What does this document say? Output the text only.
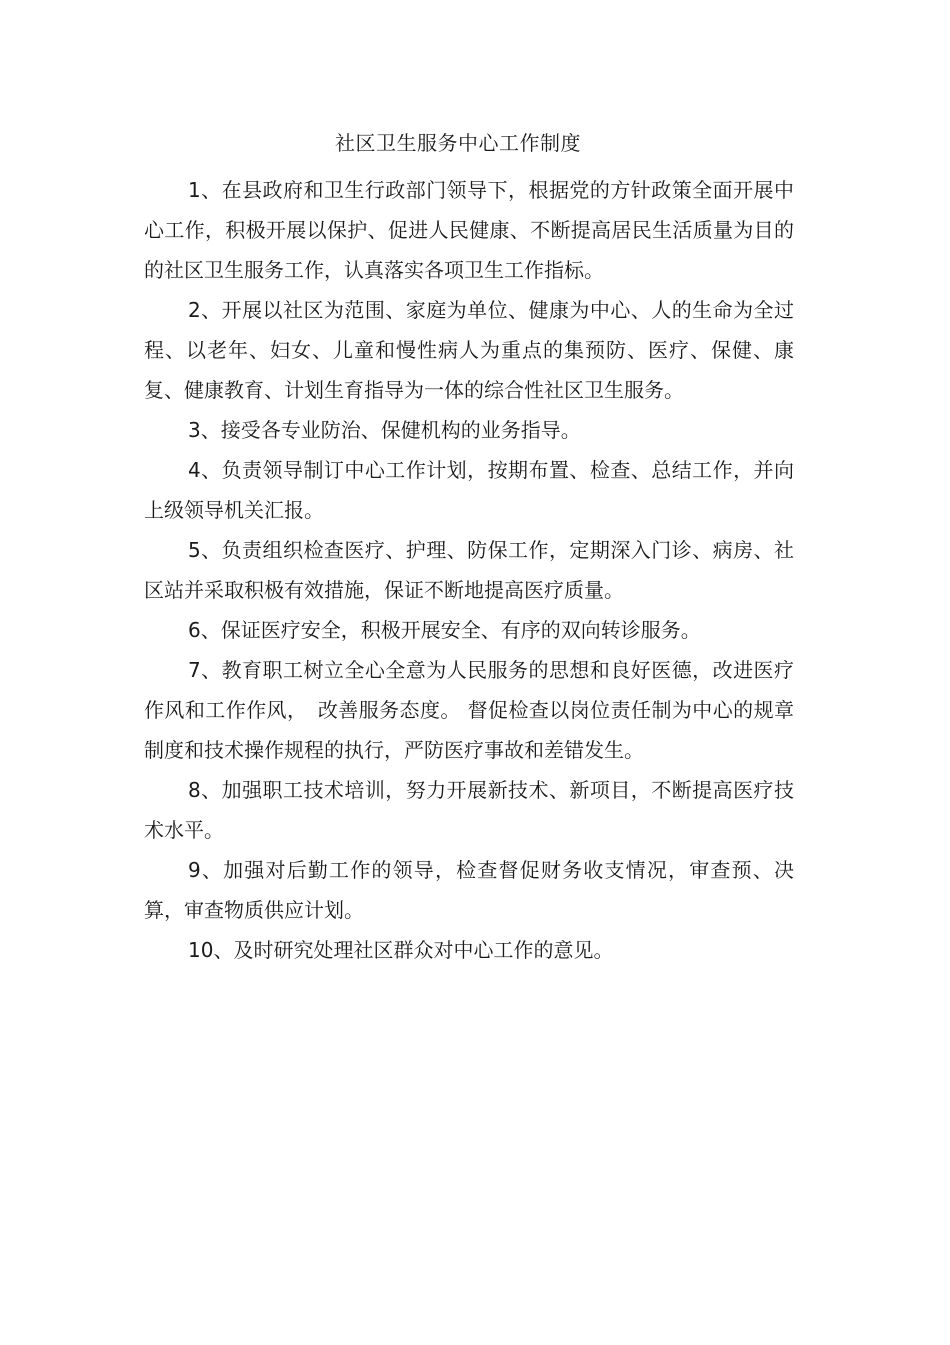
社区卫生服务中心工作制度

1、在县政府和卫生行政部门领导下，根据党的方针政策全面开展中心工作，积极开展以保护、促进人民健康、不断提高居民生活质量为目的的社区卫生服务工作，认真落实各项卫生工作指标。

2、开展以社区为范围、家庭为单位、健康为中心、人的生命为全过程、以老年、妇女、儿童和慢性病人为重点的集预防、医疗、保健、康复、健康教育、计划生育指导为一体的综合性社区卫生服务。

3、接受各专业防治、保健机构的业务指导。

4、负责领导制订中心工作计划，按期布置、检查、总结工作，并向上级领导机关汇报。

5、负责组织检查医疗、护理、防保工作，定期深入门诊、病房、社区站并采取积极有效措施，保证不断地提高医疗质量。

6、保证医疗安全，积极开展安全、有序的双向转诊服务。

7、教育职工树立全心全意为人民服务的思想和良好医德，改进医疗作风和工作作风，　改善服务态度。 督促检查以岗位责任制为中心的规章制度和技术操作规程的执行，严防医疗事故和差错发生。

8、加强职工技术培训，努力开展新技术、新项目，不断提高医疗技术水平。

9、加强对后勤工作的领导，检查督促财务收支情况，审查预、决算，审查物质供应计划。

10、及时研究处理社区群众对中心工作的意见。
